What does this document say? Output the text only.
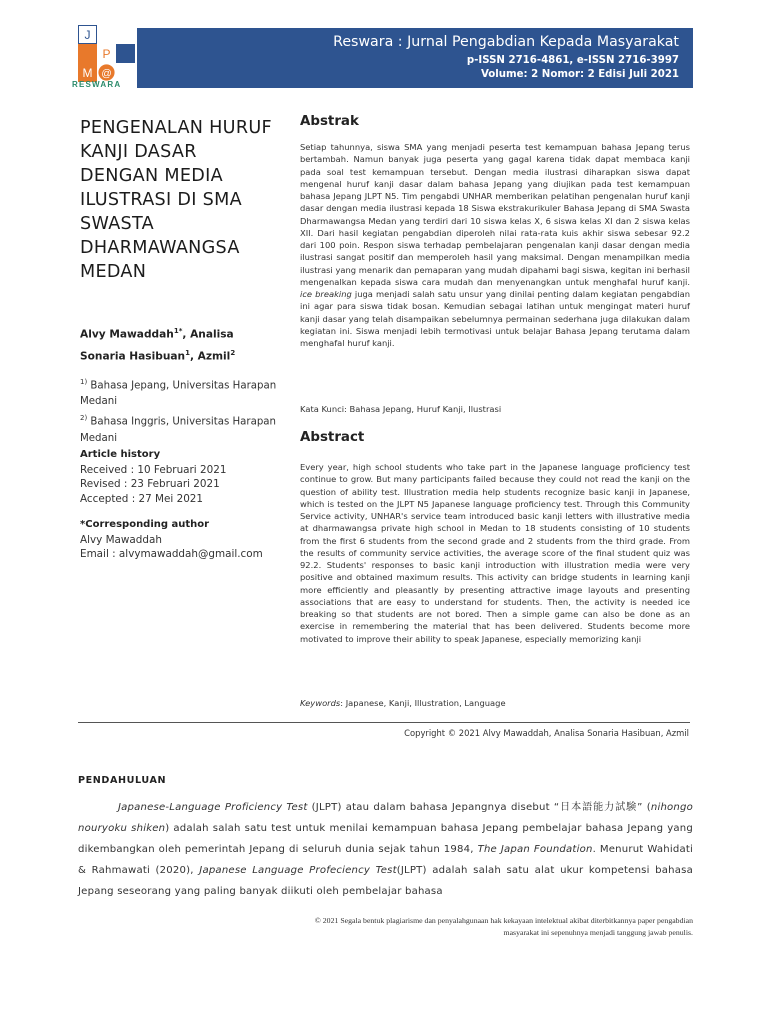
J
P
M @
RESWARA
Reswara : Jurnal Pengabdian Kepada Masyarakat
p-ISSN 2716-4861, e-ISSN 2716-3997
Volume: 2 Nomor: 2 Edisi Juli 2021
PENGENALAN HURUF
KANJI DASAR
DENGAN MEDIA
ILUSTRASI DI SMA
SWASTA
DHARMAWANGSA
MEDAN
Alvy Mawaddah$^{1*}$, Analisa
Sonaria Hasibuan$^1$, Azmil$^2$
$^{1)}$ Bahasa Jepang, Universitas Harapan Medani
$^{2)}$ Bahasa Inggris, Universitas Harapan Medani
Article history
Received : 10 Februari 2021
Revised : 23 Februari 2021
Accepted : 27 Mei 2021
*Corresponding author
Alvy Mawaddah
Email : alvymawaddah@gmail.com
Abstrak
Setiap tahunnya, siswa SMA yang menjadi peserta test kemampuan bahasa Jepang terus bertambah. Namun banyak juga peserta yang gagal karena tidak dapat membaca kanji pada soal test kemampuan tersebut. Dengan media ilustrasi diharapkan siswa dapat mengenal huruf kanji dasar dalam bahasa Jepang yang diujikan pada test kemampuan bahasa Jepang JLPT N5. Tim pengabdi UNHAR memberikan pelatihan pengenalan huruf kanji dasar dengan media ilustrasi kepada 18 Siswa ekstrakurikuler Bahasa Jepang di SMA Swasta Dharmawangsa Medan yang terdiri dari 10 siswa kelas X, 6 siswa kelas XI dan 2 siswa kelas XII. Dari hasil kegiatan pengabdian diperoleh nilai rata-rata kuis akhir siswa sebesar 92.2 dari 100 poin. Respon siswa terhadap pembelajaran pengenalan kanji dasar dengan media ilustrasi sangat positif dan memperoleh hasil yang maksimal. Dengan menampilkan media ilustrasi yang menarik dan pemaparan yang mudah dipahami bagi siswa, kegitan ini berhasil mengenalkan kepada siswa cara mudah dan menyenangkan untuk menghafal huruf kanji. ice breaking juga menjadi salah satu unsur yang dinilai penting dalam kegiatan pengabdian ini agar para siswa tidak bosan. Kemudian sebagai latihan untuk mengingat materi huruf kanji dasar yang telah disampaikan sebelumnya permainan sederhana juga dilakukan dalam kegiatan ini. Siswa menjadi lebih termotivasi untuk belajar Bahasa Jepang terutama dalam menghafal huruf kanji.
Kata Kunci: Bahasa Jepang, Huruf Kanji, Ilustrasi
Abstract
Every year, high school students who take part in the Japanese language proficiency test continue to grow. But many participants failed because they could not read the kanji on the question of ability test. Illustration media help students recognize basic kanji in Japanese, which is tested on the JLPT N5 Japanese language proficiency test. Through this Community Service activity, UNHAR's service team introduced basic kanji letters with illustrative media at dharmawangsa private high school in Medan to 18 students consisting of 10 students from the first 6 students from the second grade and 2 students from the third grade. From the results of community service activities, the average score of the final student quiz was 92.2. Students' responses to basic kanji introduction with illustration media were very positive and obtained maximum results. This activity can bridge students in learning kanji more efficiently and pleasantly by presenting attractive image layouts and presenting associations that are easy to understand for students. Then, the activity is needed ice breaking so that students are not bored. Then a simple game can also be done as an exercise in remembering the material that has been delivered. Students become more motivated to improve their ability to speak Japanese, especially memorizing kanji
Keywords: Japanese, Kanji, Illustration, Language
Copyright © 2021 Alvy Mawaddah, Analisa Sonaria Hasibuan, Azmil
PENDAHULUAN

Japanese-Language Proficiency Test (JLPT) atau dalam bahasa Jepangnya disebut “日本語能力試験” (nihongo nouryoku shiken) adalah salah satu test untuk menilai kemampuan bahasa Jepang pembelajar bahasa Jepang yang dikembangkan oleh pemerintah Jepang di seluruh dunia sejak tahun 1984, The Japan Foundation. Menurut Wahidati & Rahmawati (2020), Japanese Language Profeciency Test(JLPT) adalah salah satu alat ukur kompetensi bahasa Jepang seseorang yang paling banyak diikuti oleh pembelajar bahasa

© 2021 Segala bentuk plagiarisme dan penyalahgunaan hak kekayaan intelektual akibat diterbitkannya paper pengabdian
masyarakat ini sepenuhnya menjadi tanggung jawab penulis.
